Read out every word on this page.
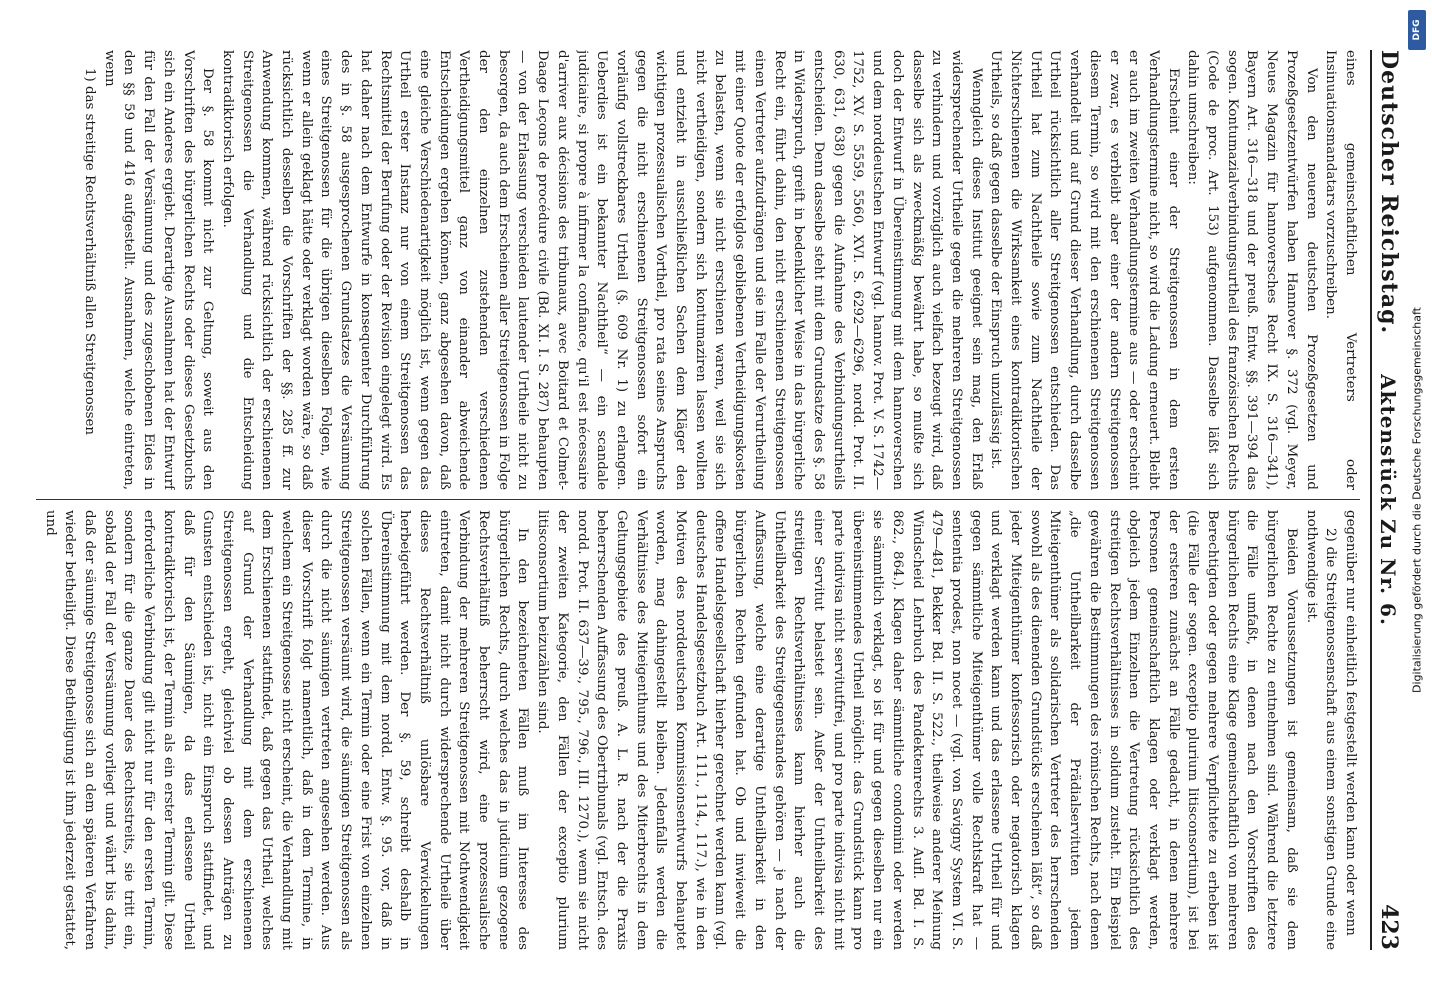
Deutscher Reichstag.
Aktenstück Zu Nr. 6.
423

eines gemeinschaftlichen Vertreters oder Insinuationsmandatars vorzuschreiben.

Von den neueren deutschen Prozeßgesetzen und Prozeßgesetzentwürfen haben Hannover §. 372 (vgl. Meyer, Neues Magazin für hannoversches Recht IX. S. 316—341), Bayern Art. 316—318 und der preuß. Entw. §§. 391—394 das sogen. Kontumazialverbindungsurtheil des französischen Rechts (Code de proc. Art. 153) aufgenommen. Dasselbe läßt sich dahin umschreiben:

Erscheint einer der Streitgenossen in dem ersten Verhandlungstermine nicht, so wird die Ladung erneuert. Bleibt er auch im zweiten Verhandlungstermine aus — oder erscheint er zwar, es verbleibt aber einer der andern Streitgenossen diesem Termin, so wird mit den erschienenen Streitgenossen verhandelt und auf Grund dieser Verhandlung, durch dasselbe Urtheil rücksichtlich aller Streitgenossen entschieden. Das Urtheil hat zum Nachtheile sowie zum Nachtheile der Nichterschienenen die Wirksamkeit eines kontradiktorischen Urtheils, so daß gegen dasselbe der Einspruch unzulässig ist.

Wenngleich dieses Institut geeignet sein mag, den Erlaß widersprechender Urtheile gegen die mehreren Streitgenossen zu verhindern und vorzüglich auch vielfach bezeugt wird, daß dasselbe sich als zweckmäßig bewährt habe, so mußte sich doch der Entwurf in Übereinstimmung mit dem hannoverschen und dem norddeutschen Entwurf (vgl. hannov. Prot. V. S. 1742—1752, XV. S. 5559, 5560, XVI. S. 6292—6296, nordd. Prot. II. 630, 631, 638) gegen die Aufnahme des Verbindungsurtheils entscheiden. Denn dasselbe steht mit dem Grundsatze des §. 58 in Widerspruch, greift in bedenklicher Weise in das bürgerliche Recht ein, führt dahin, den nicht erschienenen Streitgenossen einen Vertreter aufzudrängen und sie im Falle der Verurtheilung mit einer Quote der erfolglos gebliebenen Vertheidigungskosten zu belasten, wenn sie nicht erschienen waren, weil sie sich nicht vertheidigen, sondern sich kontumaziren lassen wollten und entzieht in ausschließlichen Sachen dem Kläger den wichtigen prozessualischen Vortheil, pro rata seines Anspruchs gegen die nicht erschienenen Streitgenossen sofort ein vorläufig vollstreckbares Urtheil (§. 609 Nr. 1) zu erlangen. Ueberdies ist ein bekannter Nachtheil“ — ein scandale judiciaire, si propre à infirmer la confiance, qu'il est nécessaire d'arriver aux décisions des tribunaux, avec Boitard et Colmet-Daage Leçons de procédure civile (Bd. XI. I. S. 287) behaupten — von der Erlassung verschieden lautender Urtheile nicht zu besorgen, da auch dem Erscheinen aller Streitgenossen in Folge der den einzelnen zustehenden verschiedenen Vertheidigungsmittel ganz von einander abweichende Entscheidungen ergehen können, ganz abgesehen davon, daß eine gleiche Verschiedenartigkeit möglich ist, wenn gegen das Urtheil erster Instanz nur von einem Streitgenossen das Rechtsmittel der Berufung oder der Revision eingelegt wird. Es hat daher nach dem Entwurfe in konsequenter Durchführung des in §. 58 ausgesprochenen Grundsatzes die Versäumung eines Streitgenossen für die übrigen dieselben Folgen, wie wenn er allein geklagt hätte oder verklagt worden wäre, so daß rücksichtlich desselben die Vorschriften der §§. 285 ff. zur Anwendung kommen, während rücksichtlich der erschienenen Streitgenossen die Verhandlung und die Entscheidung kontradiktorisch erfolgen.

Der §. 58 kommt nicht zur Geltung, soweit aus den Vorschriften des bürgerlichen Rechts oder dieses Gesetzbuchs sich ein Anderes ergiebt. Derartige Ausnahmen hat der Entwurf für den Fall der Versäumung und des zugeschobenen Eides in den §§ 59 und 416 aufgestellt. Ausnahmen, welche eintreten, wenn

1) das streitige Rechtsverhältniß allen Streitgenossen

gegenüber nur einheitlich festgestellt werden kann oder wenn

2) die Streitgenossenschaft aus einem sonstigen Grunde eine nothwendige ist.

Beiden Voraussetzungen ist gemeinsam, daß sie dem bürgerlichen Rechte zu entnehmen sind. Während die letztere die Fälle umfaßt, in denen nach den Vorschriften des bürgerlichen Rechts eine Klage gemeinschaftlich von mehreren Berechtigten oder gegen mehrere Verpflichtete zu erheben ist (die Fälle der sogen. exceptio plurium litisconsortium), ist bei der ersteren zunächst an Fälle gedacht, in denen mehrere Personen gemeinschaftlich klagen oder verklagt werden, obgleich jedem Einzelnen die Vertretung rücksichtlich des streitigen Rechtsverhältnisses in solidum zusteht. Ein Beispiel gewähren die Bestimmungen des römischen Rechts, nach denen „die Untheilbarkeit der Prädialservituten jedem Miteigenthümer als solidarischen Vertreter des herrschenden sowohl als des dienenden Grundstücks erscheinen läßt“, so daß jeder Miteigenthümer konfessorisch oder negatorisch klagen und verklagt werden kann und das erlassene Urtheil für und gegen sämmtliche Miteigenthümer volle Rechtskraft hat — sententia prodest, non nocet — (vgl. von Savigny System VI. S. 479—481, Bekker Bd. II. S. 522., theilweise anderer Meinung Windscheid Lehrbuch des Pandektenrechts 3. Aufl. Bd. I. S. 862., 864.). Klagen daher sämmtliche condomini oder werden sie sämmtlich verklagt, so ist für und gegen dieselben nur ein übereinstimmendes Urtheil möglich: das Grundstück kann pro parte indivisa nicht servitutfrei, und pro parte indivisa nicht mit einer Servitut belastet sein. Außer der Untheilbarkeit des streitigen Rechtsverhältnisses kann hierher auch die Untheilbarkeit des Streitgegenstandes gehören — je nach der Auffassung, welche eine derartige Untheilbarkeit in den bürgerlichen Rechten gefunden hat. Ob und inwieweit die offene Handelsgesellschaft hierher gerechnet werden kann (vgl. deutsches Handelsgesetzbuch Art. 111., 114., 117.), wie in den Motiven des norddeutschen Kommissionsentwurfs behauptet worden, mag dahingestellt bleiben. Jedenfalls werden die Verhältnisse des Miteigenthums und des Miterbrechts in dem Geltungsgebiete des preuß. A. L. R. nach der die Praxis beherrschenden Auffassung des Obertribunals (vgl. Entsch. des nordd. Prot. II. 637—39., 795., 796., III. 1270.), wenn sie nicht der zweiten Kategorie, den Fällen der exceptio plurium litisconsortium beizuzählen sind.

In den bezeichneten Fällen muß im Interesse des bürgerlichen Rechts, durch welches das in judicium gezogene Rechtsverhältniß beherrscht wird, eine prozessualische Verbindung der mehreren Streitgenossen mit Nothwendigkeit eintreten, damit nicht durch widersprechende Urtheile über dieses Rechtsverhältniß unlösbare Verwickelungen herbeigeführt werden. Der §. 59, schreibt deshalb in Übereinstimmung mit dem nordd. Entw. §. 95. vor, daß in solchen Fällen, wenn ein Termin oder eine Frist von einzelnen Streitgenossen versäumt wird, die säumigen Streitgenossen als durch die nicht säumigen vertreten angesehen werden. Aus dieser Vorschrift folgt namentlich, daß in dem Termine, in welchem ein Streitgenosse nicht erscheint, die Verhandlung mit dem Erschienenen stattfindet, daß gegen das Urtheil, welches auf Grund der Verhandlung mit dem erschienenen Streitgenossen ergeht, gleichviel ob dessen Anträgen zu Gunsten entschieden ist, nicht ein Einspruch stattfindet, und daß für den Säumigen, da das erlassene Urtheil kontradiktorisch ist, der Termin als ein erster Termin gilt. Diese erforderliche Verbindung gilt nicht nur für den ersten Termin, sondern für die ganze Dauer des Rechtsstreits, sie tritt ein, sobald der Fall der Versäumung vorliegt und währt bis dahin, daß der säumige Streitgenosse sich an dem späteren Verfahren wieder betheiligt. Diese Betheiligung ist ihm jederzeit gestattet, und	Digitalisierung gefördert durch die Deutsche Forschungsgemeinschaft
DFG
